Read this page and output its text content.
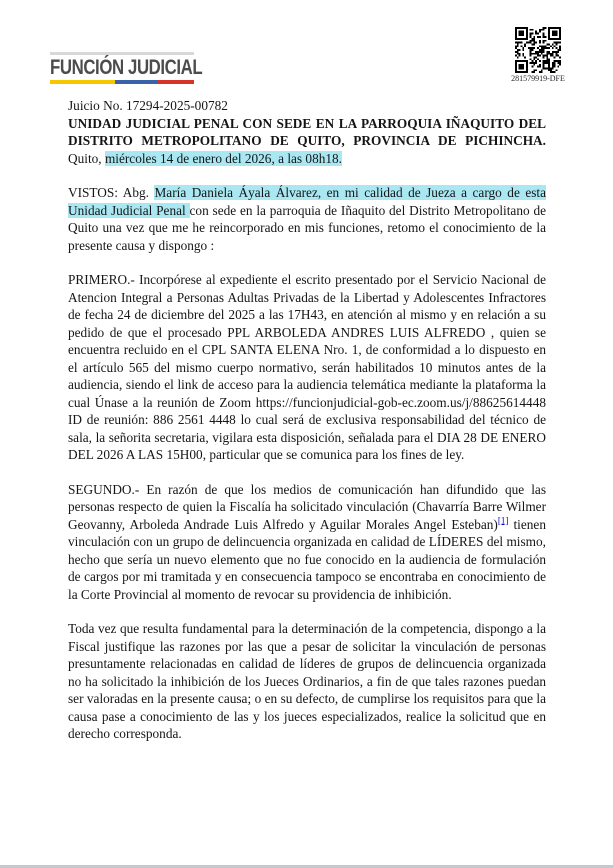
FUNCIÓN JUDICIAL	281579919-DFE

Juicio No. 17294-2025-00782

UNIDAD JUDICIAL PENAL CON SEDE EN LA PARROQUIA IÑAQUITO DEL DISTRITO METROPOLITANO DE QUITO, PROVINCIA DE PICHINCHA. Quito, miércoles 14 de enero del 2026, a las 08h18.

VISTOS: Abg. María Daniela Áyala Álvarez, en mi calidad de Jueza a cargo de esta Unidad Judicial Penal con sede en la parroquia de Iñaquito del Distrito Metropolitano de Quito una vez que me he reincorporado en mis funciones, retomo el conocimiento de la presente causa y dispongo :

PRIMERO.- Incorpórese al expediente el escrito presentado por el Servicio Nacional de Atencion Integral a Personas Adultas Privadas de la Libertad y Adolescentes Infractores de fecha 24 de diciembre del 2025 a las 17H43, en atención al mismo y en relación a su pedido de que el procesado PPL ARBOLEDA ANDRES LUIS ALFREDO , quien se encuentra recluido en el CPL SANTA ELENA Nro. 1, de conformidad a lo dispuesto en el artículo 565 del mismo cuerpo normativo, serán habilitados 10 minutos antes de la audiencia, siendo el link de acceso para la audiencia telemática mediante la plataforma la cual Únase a la reunión de Zoom https://funcionjudicial-gob-ec.zoom.us/j/88625614448 ID de reunión: 886 2561 4448 lo cual será de exclusiva responsabilidad del técnico de sala, la señorita secretaria, vigilara esta disposición, señalada para el DIA 28 DE ENERO DEL 2026 A LAS 15H00, particular que se comunica para los fines de ley.

SEGUNDO.- En razón de que los medios de comunicación han difundido que las personas respecto de quien la Fiscalía ha solicitado vinculación (Chavarría Barre Wilmer Geovanny, Arboleda Andrade Luis Alfredo y Aguilar Morales Angel Esteban)[1] tienen vinculación con un grupo de delincuencia organizada en calidad de LÍDERES del mismo, hecho que sería un nuevo elemento que no fue conocido en la audiencia de formulación de cargos por mi tramitada y en consecuencia tampoco se encontraba en conocimiento de la Corte Provincial al momento de revocar su providencia de inhibición.

Toda vez que resulta fundamental para la determinación de la competencia, dispongo a la Fiscal justifique las razones por las que a pesar de solicitar la vinculación de personas presuntamente relacionadas en calidad de líderes de grupos de delincuencia organizada no ha solicitado la inhibición de los Jueces Ordinarios, a fin de que tales razones puedan ser valoradas en la presente causa; o en su defecto, de cumplirse los requisitos para que la causa pase a conocimiento de las y los jueces especializados, realice la solicitud que en derecho corresponda.
